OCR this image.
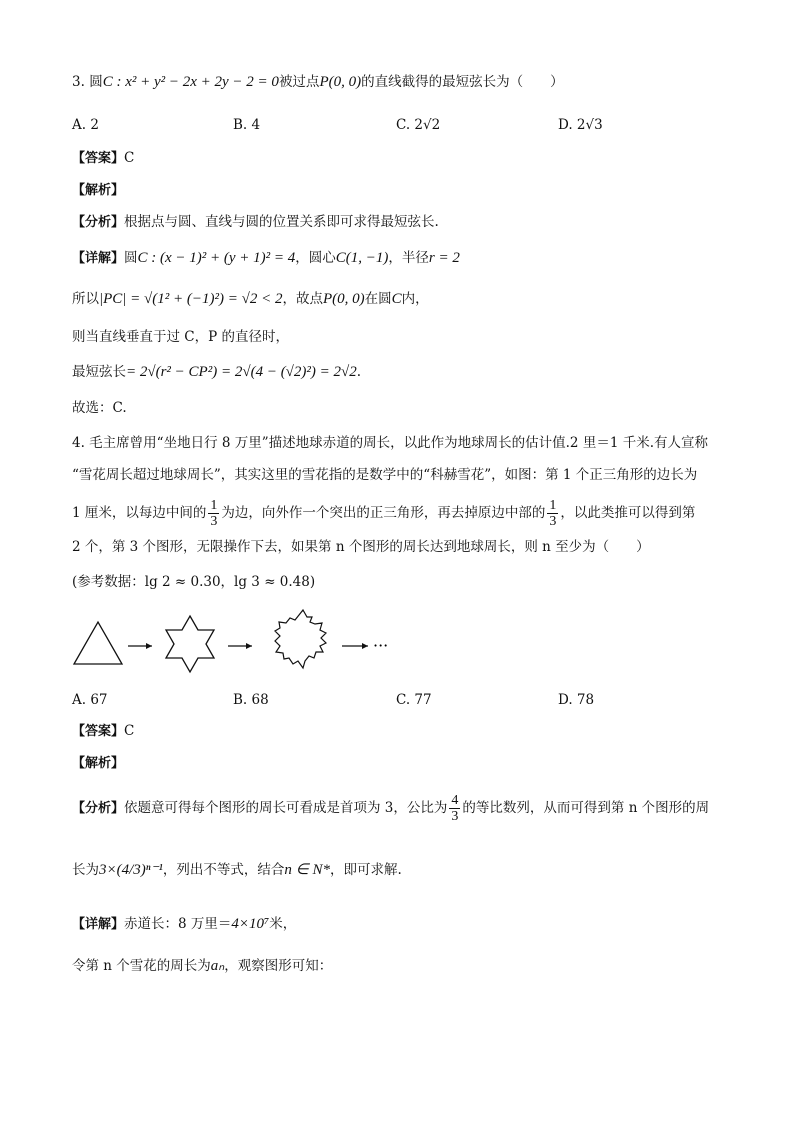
3. 圆C : x² + y² − 2x + 2y − 2 = 0被过点P(0, 0)的直线截得的最短弦长为（　　）
A. 2	B. 4	C. 2√2	D. 2√3
【答案】C
【解析】
【分析】根据点与圆、直线与圆的位置关系即可求得最短弦长.
【详解】圆C : (x − 1)² + (y + 1)² = 4，圆心C(1, −1)，半径r = 2
所以|PC| = √(1² + (−1)²) = √2 < 2，故点P(0, 0)在圆C内，
则当直线垂直于过 C，P 的直径时，
最短弦长= 2√(r² − CP²) = 2√(4 − (√2)²) = 2√2.
故选：C.
4. 毛主席曾用“坐地日行 8 万里”描述地球赤道的周长，以此作为地球周长的估计值.2 里＝1 千米.有人宣称
“雪花周长超过地球周长”，其实这里的雪花指的是数学中的“科赫雪花”，如图：第 1 个正三角形的边长为
1 厘米，以每边中间的 $\frac{1}{3}$ 为边，向外作一个突出的正三角形，再去掉原边中部的 $\frac{1}{3}$ ，以此类推可以得到第
2 个，第 3 个图形，无限操作下去，如果第 n 个图形的周长达到地球周长，则 n 至少为（　　）
(参考数据：lg 2 ≈ 0.30，lg 3 ≈ 0.48)
···
A. 67	B. 68	C. 77	D. 78
【答案】C
【解析】
【分析】依题意可得每个图形的周长可看成是首项为 3，公比为 $\frac{4}{3}$ 的等比数列，从而可得到第 n 个图形的周
长为3×(4/3)ⁿ⁻¹，列出不等式，结合n ∈ N*，即可求解.
【详解】赤道长：8 万里＝4×10⁷米，
令第 n 个雪花的周长为aₙ，观察图形可知：
